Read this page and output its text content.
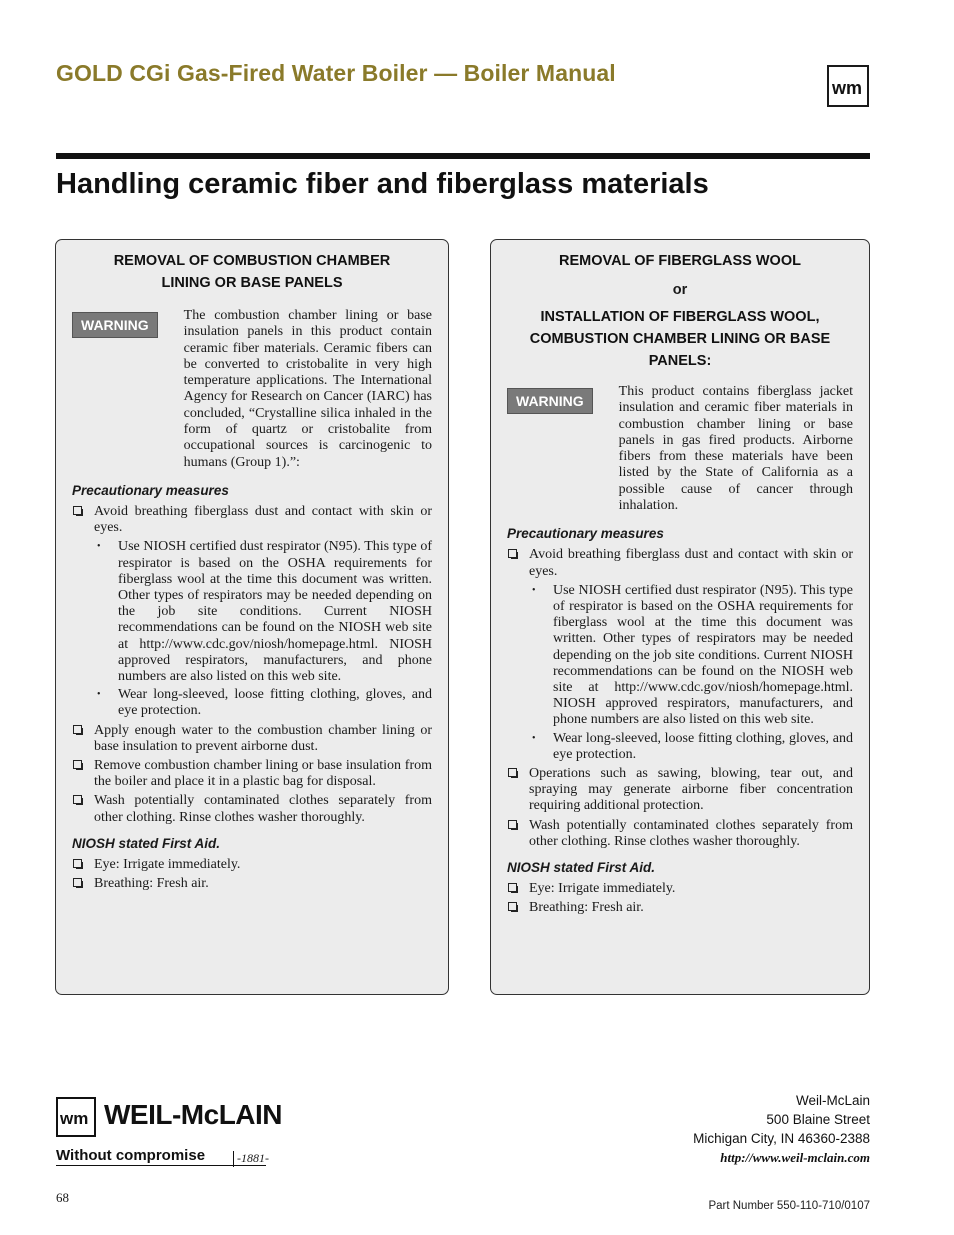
GOLD CGi Gas-Fired Water Boiler — Boiler Manual
wm
Handling ceramic fiber and fiberglass materials
REMOVAL OF COMBUSTION CHAMBER LINING OR BASE PANELS
WARNING
The combustion chamber lining or base insulation panels in this product contain ceramic fiber materials. Ceramic fibers can be converted to cristobalite in very high temperature applications. The International Agency for Research on Cancer (IARC) has concluded, “Crystalline silica inhaled in the form of quartz or cristobalite from occupational sources is carcinogenic to humans (Group 1).”:
Precautionary measures
Avoid breathing fiberglass dust and contact with skin or eyes.
• Use NIOSH certified dust respirator (N95). This type of respirator is based on the OSHA requirements for fiberglass wool at the time this document was written. Other types of respirators may be needed depending on the job site conditions. Current NIOSH recommendations can be found on the NIOSH web site at http://www.cdc.gov/niosh/homepage.html. NIOSH approved respirators, manufacturers, and phone numbers are also listed on this web site.
• Wear long-sleeved, loose fitting clothing, gloves, and eye protection.
Apply enough water to the combustion chamber lining or base insulation to prevent airborne dust.
Remove combustion chamber lining or base insulation from the boiler and place it in a plastic bag for disposal.
Wash potentially contaminated clothes separately from other clothing. Rinse clothes washer thoroughly.
NIOSH stated First Aid.
Eye: Irrigate immediately.
Breathing: Fresh air.
REMOVAL OF FIBERGLASS WOOL
or
INSTALLATION OF FIBERGLASS WOOL, COMBUSTION CHAMBER LINING OR BASE PANELS:
WARNING
This product contains fiberglass jacket insulation and ceramic fiber materials in combustion chamber lining or base panels in gas fired products. Airborne fibers from these materials have been listed by the State of California as a possible cause of cancer through inhalation.
Precautionary measures
Avoid breathing fiberglass dust and contact with skin or eyes.
• Use NIOSH certified dust respirator (N95). This type of respirator is based on the OSHA requirements for fiberglass wool at the time this document was written. Other types of respirators may be needed depending on the job site conditions. Current NIOSH recommendations can be found on the NIOSH web site at http://www.cdc.gov/niosh/homepage.html. NIOSH approved respirators, manufacturers, and phone numbers are also listed on this web site.
• Wear long-sleeved, loose fitting clothing, gloves, and eye protection.
Operations such as sawing, blowing, tear out, and spraying may generate airborne fiber concentration requiring additional protection.
Wash potentially contaminated clothes separately from other clothing. Rinse clothes washer thoroughly.
NIOSH stated First Aid.
Eye: Irrigate immediately.
Breathing: Fresh air.
wm WEIL-McLAIN
Without compromise	-1881-
Weil-McLain
500 Blaine Street
Michigan City, IN 46360-2388
http://www.weil-mclain.com
68
Part Number 550-110-710/0107
